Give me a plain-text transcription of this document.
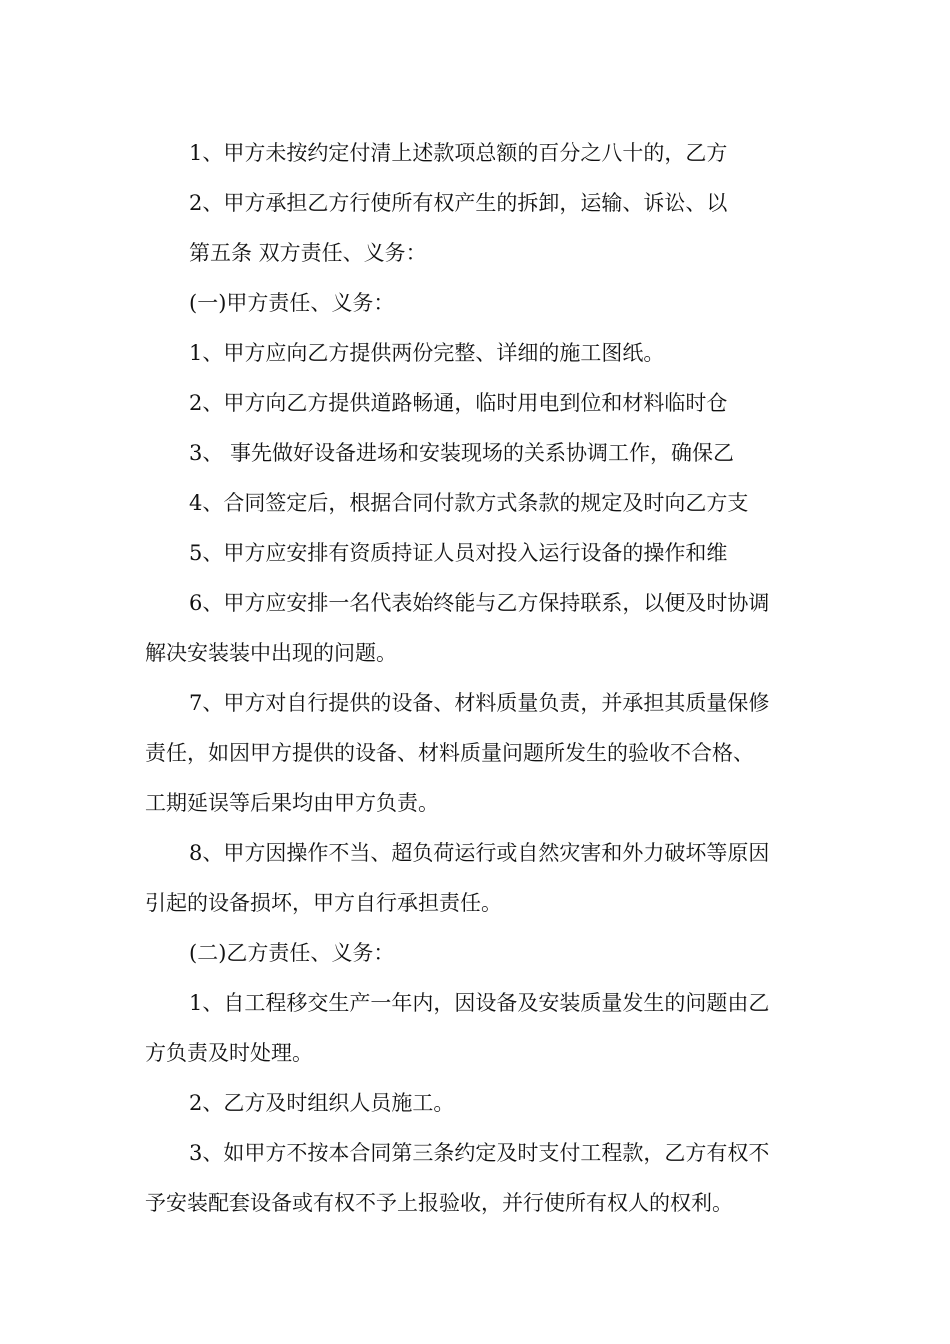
1、甲方未按约定付清上述款项总额的百分之八十的，乙方
2、甲方承担乙方行使所有权产生的拆卸，运输、诉讼、以
第五条 双方责任、义务：
(一)甲方责任、义务：
1、甲方应向乙方提供两份完整、详细的施工图纸。
2、甲方向乙方提供道路畅通，临时用电到位和材料临时仓
3、 事先做好设备进场和安装现场的关系协调工作，确保乙
4、合同签定后，根据合同付款方式条款的规定及时向乙方支
5、甲方应安排有资质持证人员对投入运行设备的操作和维
6、甲方应安排一名代表始终能与乙方保持联系，以便及时协调
解决安装装中出现的问题。
7、甲方对自行提供的设备、材料质量负责，并承担其质量保修
责任，如因甲方提供的设备、材料质量问题所发生的验收不合格、
工期延误等后果均由甲方负责。
8、甲方因操作不当、超负荷运行或自然灾害和外力破坏等原因
引起的设备损坏，甲方自行承担责任。
(二)乙方责任、义务：
1、自工程移交生产一年内，因设备及安装质量发生的问题由乙
方负责及时处理。
2、乙方及时组织人员施工。
3、如甲方不按本合同第三条约定及时支付工程款，乙方有权不
予安装配套设备或有权不予上报验收，并行使所有权人的权利。
